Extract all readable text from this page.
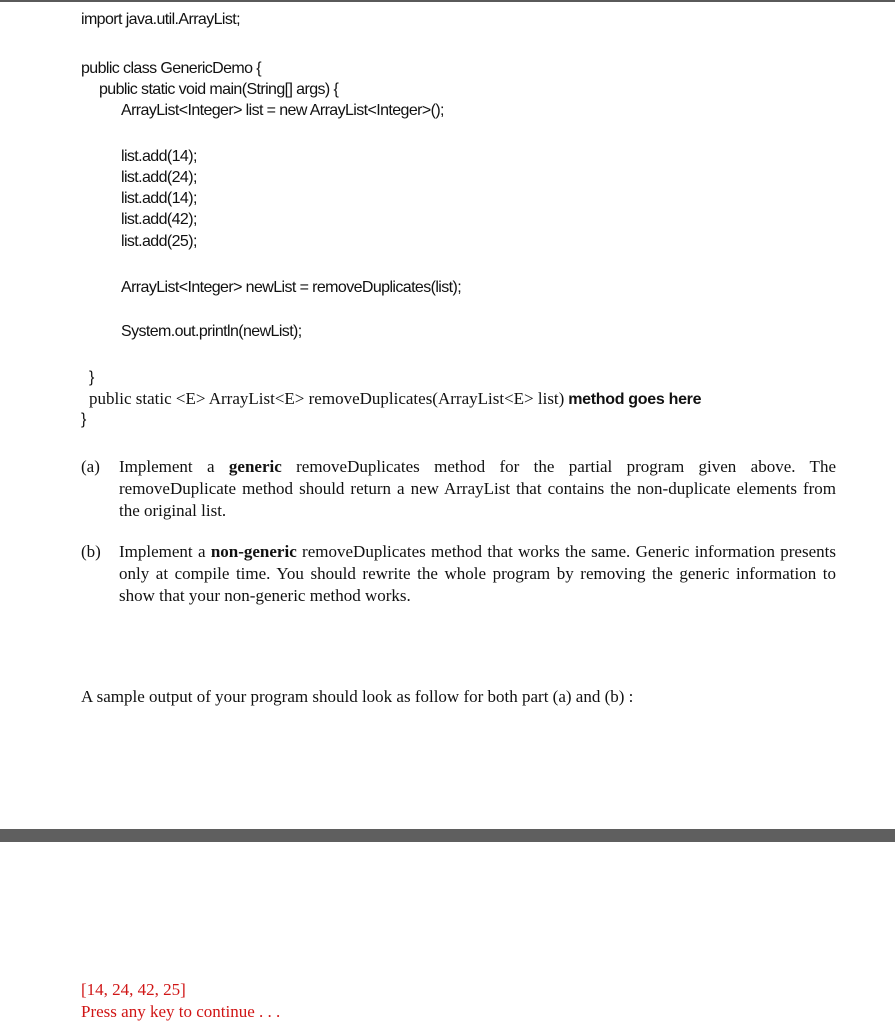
import java.util.ArrayList;

public class GenericDemo {

public static void main(String[] args) {

ArrayList<Integer> list = new ArrayList<Integer>();

list.add(14);

list.add(24);

list.add(14);

list.add(42);

list.add(25);

ArrayList<Integer> newList = removeDuplicates(list);

System.out.println(newList);

}

public static <E> ArrayList<E> removeDuplicates(ArrayList<E> list) method goes here

}

(a) Implement a generic removeDuplicates method for the partial program given above. The removeDuplicate method should return a new ArrayList that contains the non-duplicate elements from the original list.
(b) Implement a non-generic removeDuplicates method that works the same. Generic information presents only at compile time. You should rewrite the whole program by removing the generic information to show that your non-generic method works.
A sample output of your program should look as follow for both part (a) and (b) :
[14, 24, 42, 25]
Press any key to continue . . .
